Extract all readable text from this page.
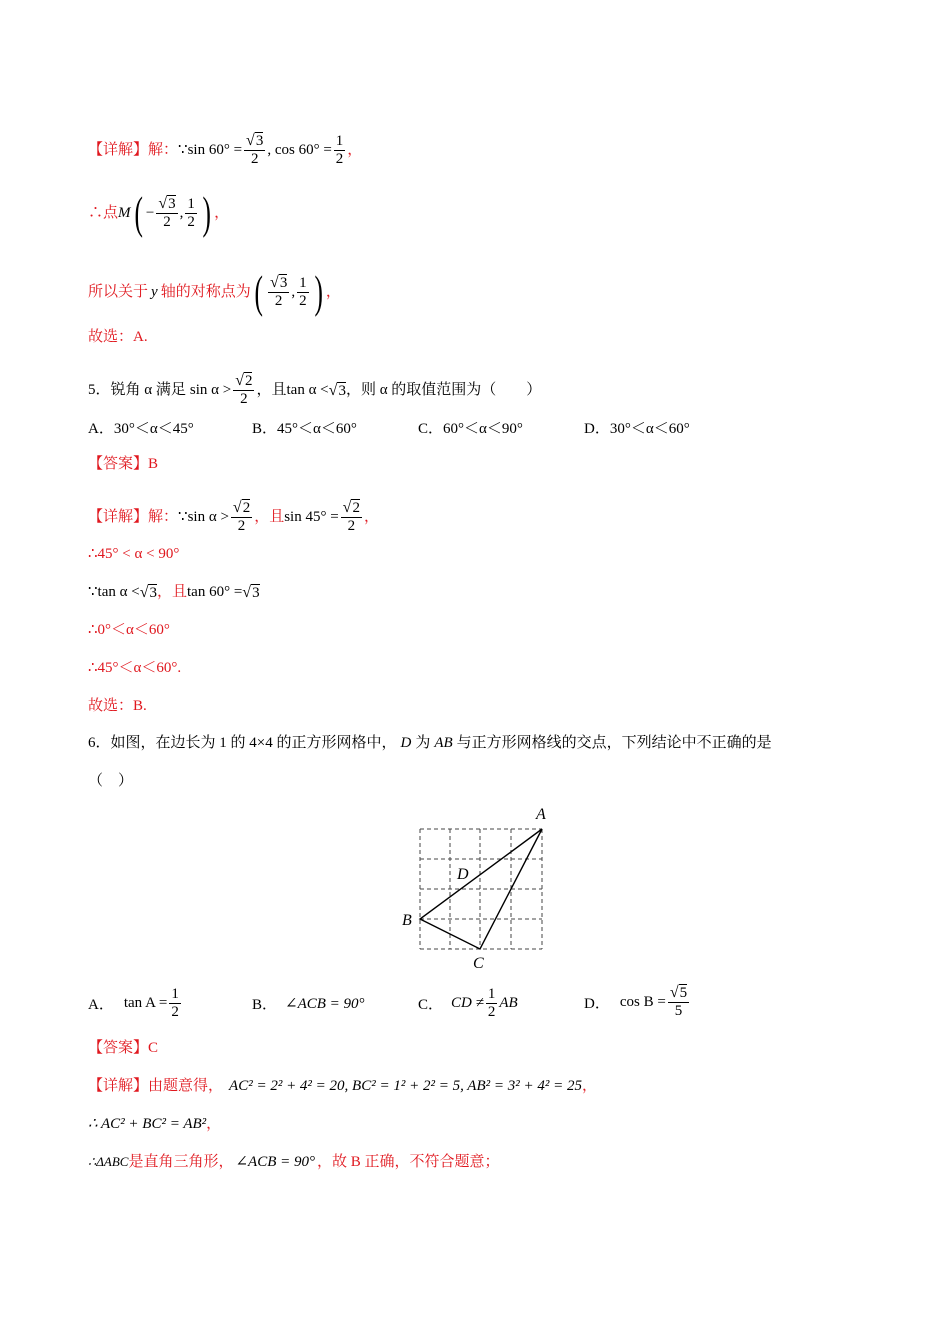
【详解】 解： ∵ $\sin 60^\circ = \frac{√ 3}{2}$ , $\cos 60^\circ = \frac{1}{2}$ ，
∴点 M ( − $\frac{√ 3}{2}$ , $\frac{1}{2}$ ) ，
所以关于 y 轴的对称点为 ( $\frac{√ 3}{2}$ , $\frac{1}{2}$ ) ，
故选：A.
5．锐角 α 满足 $\sin \alpha > \frac{√ 2}{2}$ ，且 tan α < √ 3 ，则 α 的取值范围为（　　）
A．30°＜α＜45°	B．45°＜α＜60°	C．60°＜α＜90°	D．30°＜α＜60°
【答案】B
【详解】 解： ∵ $\sin \alpha > \frac{√ 2}{2}$ ，且 $\sin 45^\circ = \frac{√ 2}{2}$ ，
∴45° < α < 90°
∵ tan α < √ 3 ，且 tan 60° = √ 3
∴0°＜α＜60°
∴45°＜α＜60°.
故选：B.
6．如图，在边长为 1 的 4×4 的正方形网格中， D 为 AB 与正方形网格线的交点，下列结论中不正确的是
（　）
A
B
C
D
A． $\tan A = \frac{1}{2}$	B． ∠ACB = 90°	C． CD ≠ $\frac{1}{2}$ AB	D． $\cos B = \frac{√ 5}{5}$
【答案】C
【详解】 由题意得， AC² = 2² + 4² = 20, BC² = 1² + 2² = 5, AB² = 3² + 4² = 25 ，
∴ AC² + BC² = AB² ，
∴ΔABC 是直角三角形， ∠ACB = 90° ，故 B 正确，不符合题意；
